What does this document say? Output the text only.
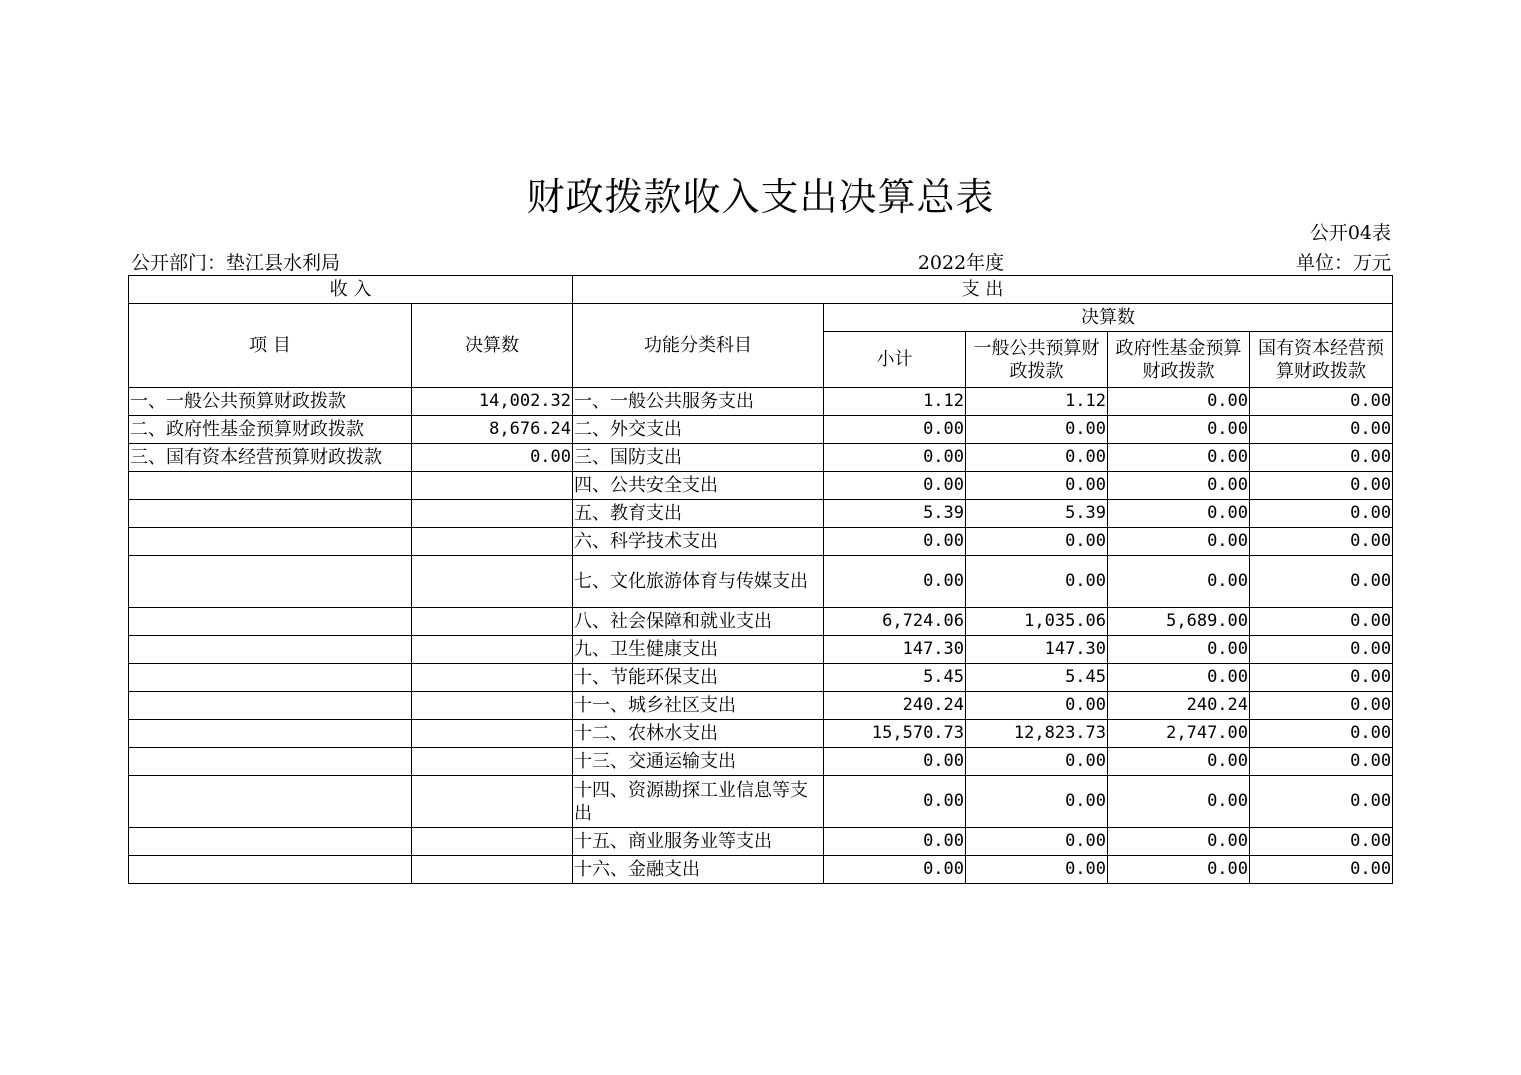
财政拨款收入支出决算总表
公开04表
公开部门：垫江县水利局	2022年度	单位：万元
收 入		支 出				
项 目	决算数	功能分类科目	决算数			
			小计	一般公共预算财政拨款	政府性基金预算财政拨款	国有资本经营预算财政拨款
一、一般公共预算财政拨款	14,002.32	一、一般公共服务支出	1.12	1.12	0.00	0.00
二、政府性基金预算财政拨款	8,676.24	二、外交支出	0.00	0.00	0.00	0.00
三、国有资本经营预算财政拨款	0.00	三、国防支出	0.00	0.00	0.00	0.00
		四、公共安全支出	0.00	0.00	0.00	0.00
		五、教育支出	5.39	5.39	0.00	0.00
		六、科学技术支出	0.00	0.00	0.00	0.00
		七、文化旅游体育与传媒支出	0.00	0.00	0.00	0.00
		八、社会保障和就业支出	6,724.06	1,035.06	5,689.00	0.00
		九、卫生健康支出	147.30	147.30	0.00	0.00
		十、节能环保支出	5.45	5.45	0.00	0.00
		十一、城乡社区支出	240.24	0.00	240.24	0.00
		十二、农林水支出	15,570.73	12,823.73	2,747.00	0.00
		十三、交通运输支出	0.00	0.00	0.00	0.00
		十四、资源勘探工业信息等支出	0.00	0.00	0.00	0.00
		十五、商业服务业等支出	0.00	0.00	0.00	0.00
		十六、金融支出	0.00	0.00	0.00	0.00
